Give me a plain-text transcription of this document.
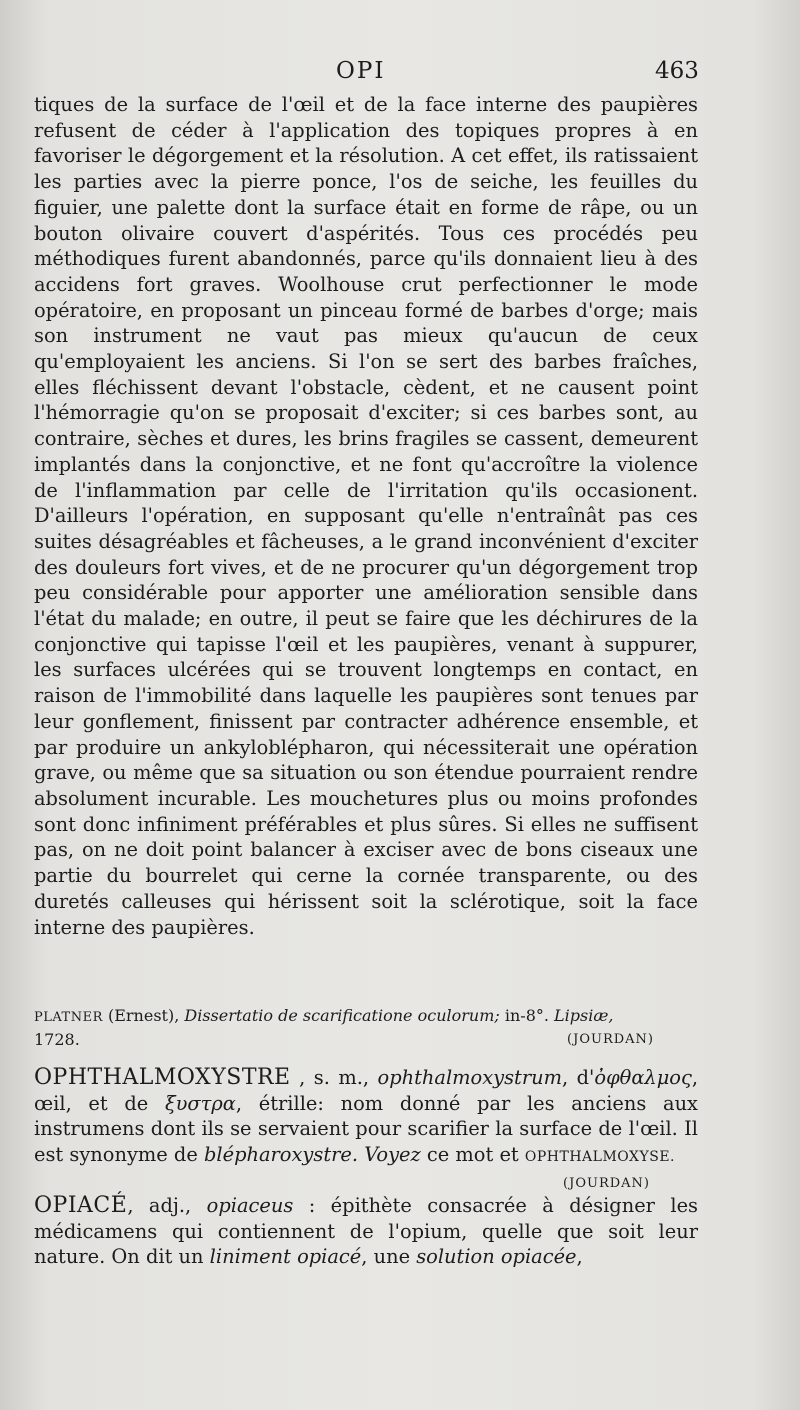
OPI	463

tiques de la surface de l'œil et de la face interne des paupières refusent de céder à l'application des topiques propres à en favoriser le dégorgement et la résolution. A cet effet, ils ratissaient les parties avec la pierre ponce, l'os de seiche, les feuilles du figuier, une palette dont la surface était en forme de râpe, ou un bouton olivaire couvert d'aspérités. Tous ces procédés peu méthodiques furent abandonnés, parce qu'ils donnaient lieu à des accidens fort graves. Woolhouse crut perfectionner le mode opératoire, en proposant un pinceau formé de barbes d'orge; mais son instrument ne vaut pas mieux qu'aucun de ceux qu'employaient les anciens. Si l'on se sert des barbes fraîches, elles fléchissent devant l'obstacle, cèdent, et ne causent point l'hémorragie qu'on se proposait d'exciter; si ces barbes sont, au contraire, sèches et dures, les brins fragiles se cassent, demeurent implantés dans la conjonctive, et ne font qu'accroître la violence de l'inflammation par celle de l'irritation qu'ils occasionent. D'ailleurs l'opération, en supposant qu'elle n'entraînât pas ces suites désagréables et fâcheuses, a le grand inconvénient d'exciter des douleurs fort vives, et de ne procurer qu'un dégorgement trop peu considérable pour apporter une amélioration sensible dans l'état du malade; en outre, il peut se faire que les déchirures de la conjonctive qui tapisse l'œil et les paupières, venant à suppurer, les surfaces ulcérées qui se trouvent longtemps en contact, en raison de l'immobilité dans laquelle les paupières sont tenues par leur gonflement, finissent par contracter adhérence ensemble, et par produire un ankyloblépharon, qui nécessiterait une opération grave, ou même que sa situation ou son étendue pourraient rendre absolument incurable. Les mouchetures plus ou moins profondes sont donc infiniment préférables et plus sûres. Si elles ne suffisent pas, on ne doit point balancer à exciser avec de bons ciseaux une partie du bourrelet qui cerne la cornée transparente, ou des duretés calleuses qui hérissent soit la sclérotique, soit la face interne des paupières.

PLATNER (Ernest), Dissertatio de scarificatione oculorum; in-8°. Lipsiæ,
1728.	(JOURDAN)
OPHTHALMOXYSTRE , s. m., ophthalmoxystrum, d'ὀφθαλμος, œil, et de ξυστρα, étrille: nom donné par les anciens aux instrumens dont ils se servaient pour scarifier la surface de l'œil. Il est synonyme de blépharoxystre. Voyez ce mot et OPHTHALMOXYSE.
(JOURDAN)
OPIACÉ, adj., opiaceus : épithète consacrée à désigner les médicamens qui contiennent de l'opium, quelle que soit leur nature. On dit un liniment opiacé, une solution opiacée,
